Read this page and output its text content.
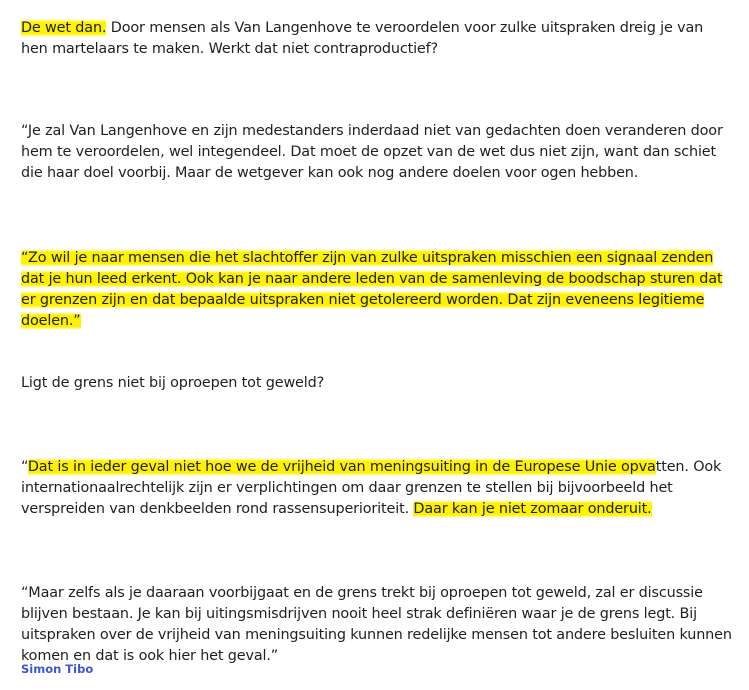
De wet dan. Door mensen als Van Langenhove te veroordelen voor zulke uitspraken dreig je van hen martelaars te maken. Werkt dat niet contraproductief?

“Je zal Van Langenhove en zijn medestanders inderdaad niet van gedachten doen veranderen door hem te veroordelen, wel integendeel. Dat moet de opzet van de wet dus niet zijn, want dan schiet die haar doel voorbij. Maar de wetgever kan ook nog andere doelen voor ogen hebben.

“Zo wil je naar mensen die het slachtoffer zijn van zulke uitspraken misschien een signaal zenden dat je hun leed erkent. Ook kan je naar andere leden van de samenleving de boodschap sturen dat er grenzen zijn en dat bepaalde uitspraken niet getolereerd worden. Dat zijn eveneens legitieme doelen.”

Ligt de grens niet bij oproepen tot geweld?

“Dat is in ieder geval niet hoe we de vrijheid van meningsuiting in de Europese Unie opvatten. Ook internationaalrechtelijk zijn er verplichtingen om daar grenzen te stellen bij bijvoorbeeld het verspreiden van denkbeelden rond rassensuperioriteit. Daar kan je niet zomaar onderuit.

“Maar zelfs als je daaraan voorbijgaat en de grens trekt bij oproepen tot geweld, zal er discussie blijven bestaan. Je kan bij uitingsmisdrijven nooit heel strak definiëren waar je de grens legt. Bij uitspraken over de vrijheid van meningsuiting kunnen redelijke mensen tot andere besluiten kunnen komen en dat is ook hier het geval.”

Simon Tibo
